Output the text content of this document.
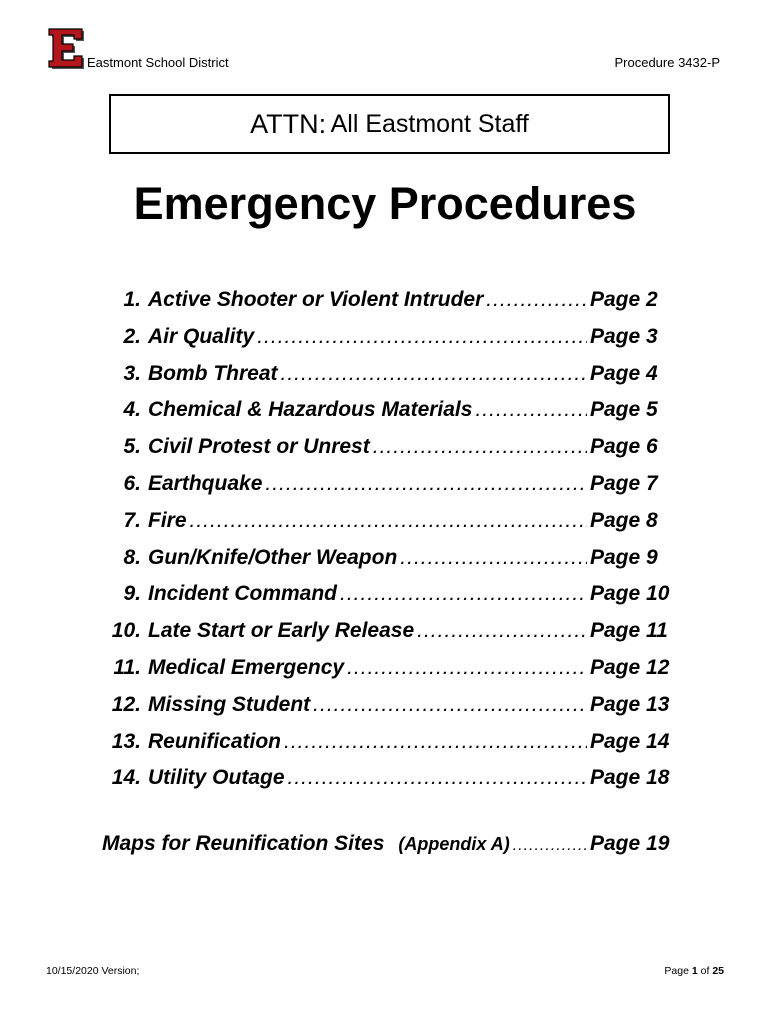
Eastmont School District	Procedure 3432-P
ATTN:
All Eastmont Staff
Emergency Procedures
1. Active Shooter or Violent Intruder .....	Page 2
2. Air Quality .....	Page 3
3. Bomb Threat .....	Page 4
4. Chemical & Hazardous Materials .....	Page 5
5. Civil Protest or Unrest .....	Page 6
6. Earthquake .....	Page 7
7. Fire .....	Page 8
8. Gun/Knife/Other Weapon .....	Page 9
9. Incident Command .....	Page 10
10. Late Start or Early Release .....	Page 11
11. Medical Emergency .....	Page 12
12. Missing Student .....	Page 13
13. Reunification .....	Page 14
14. Utility Outage .....	Page 18
Maps for Reunification Sites (Appendix A) .....	Page 19
10/15/2020 Version;	Page 1 of 25
